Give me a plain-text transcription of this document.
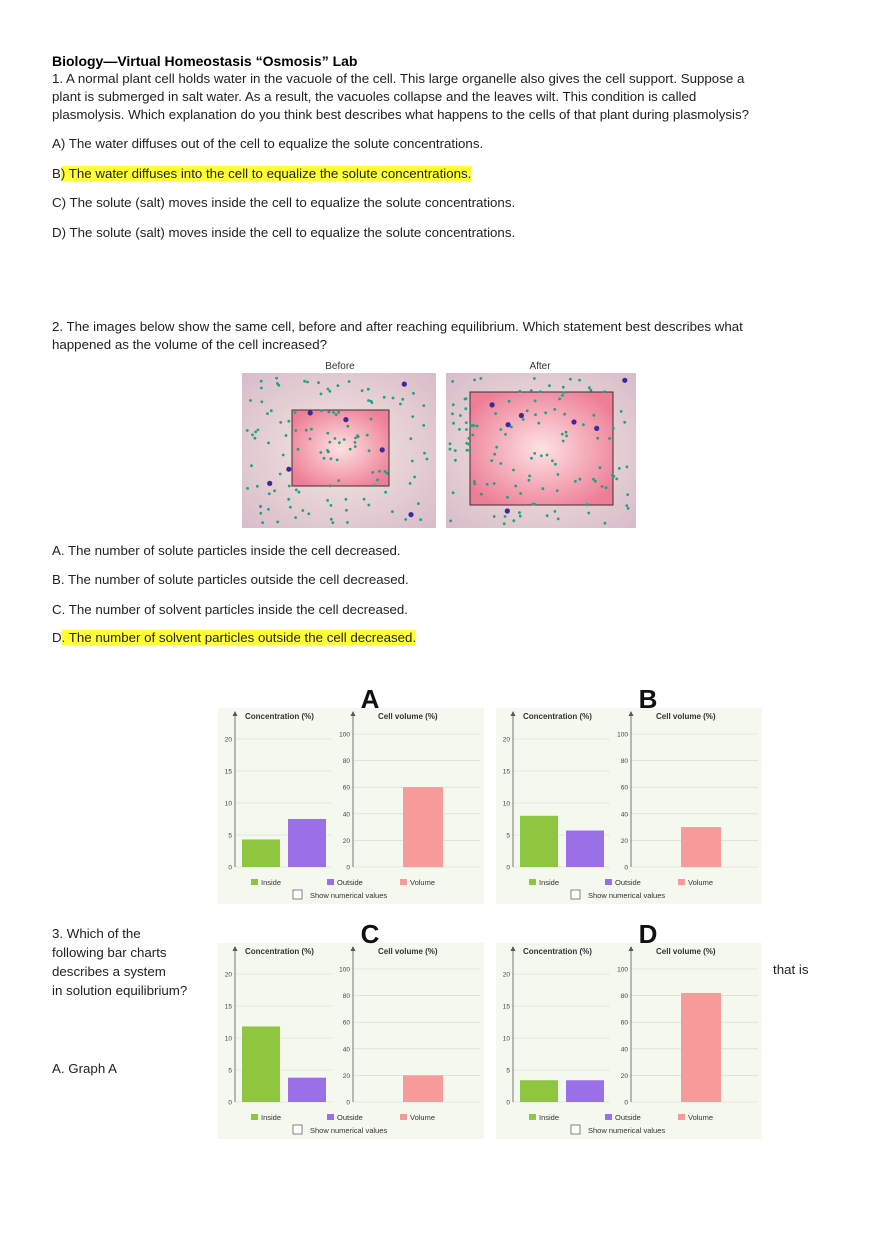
Biology—Virtual Homeostasis “Osmosis” Lab
1. A normal plant cell holds water in the vacuole of the cell. This large organelle also gives the cell support. Suppose a
plant is submerged in salt water. As a result, the vacuoles collapse and the leaves wilt. This condition is called
plasmolysis. Which explanation do you think best describes what happens to the cells of that plant during plasmolysis?
A) The water diffuses out of the cell to equalize the solute concentrations.
B) The water diffuses into the cell to equalize the solute concentrations.
C) The solute (salt) moves inside the cell to equalize the solute concentrations.
D) The solute (salt) moves inside the cell to equalize the solute concentrations.
2. The images below show the same cell, before and after reaching equilibrium. Which statement best describes what
happened as the volume of the cell increased?
Before	After
A. The number of solute particles inside the cell decreased.
B. The number of solute particles outside the cell decreased.
C. The number of solvent particles inside the cell decreased.
D. The number of solvent particles outside the cell decreased.
A
Concentration (%)
0
5
10
15
20
Cell volume (%)
0
20
40
60
80
100
Inside	Outside	Volume
Show numerical values
B
Concentration (%)
0
5
10
15
20
Cell volume (%)
0
20
40
60
80
100
Inside	Outside	Volume
Show numerical values
C
Concentration (%)
0
5
10
15
20
Cell volume (%)
0
20
40
60
80
100
Inside	Outside	Volume
Show numerical values
D
Concentration (%)
0
5
10
15
20
Cell volume (%)
0
20
40
60
80
100
Inside	Outside	Volume
Show numerical values
3. Which of the
following bar charts
describes a system
in solution equilibrium?
that is
A. Graph A
